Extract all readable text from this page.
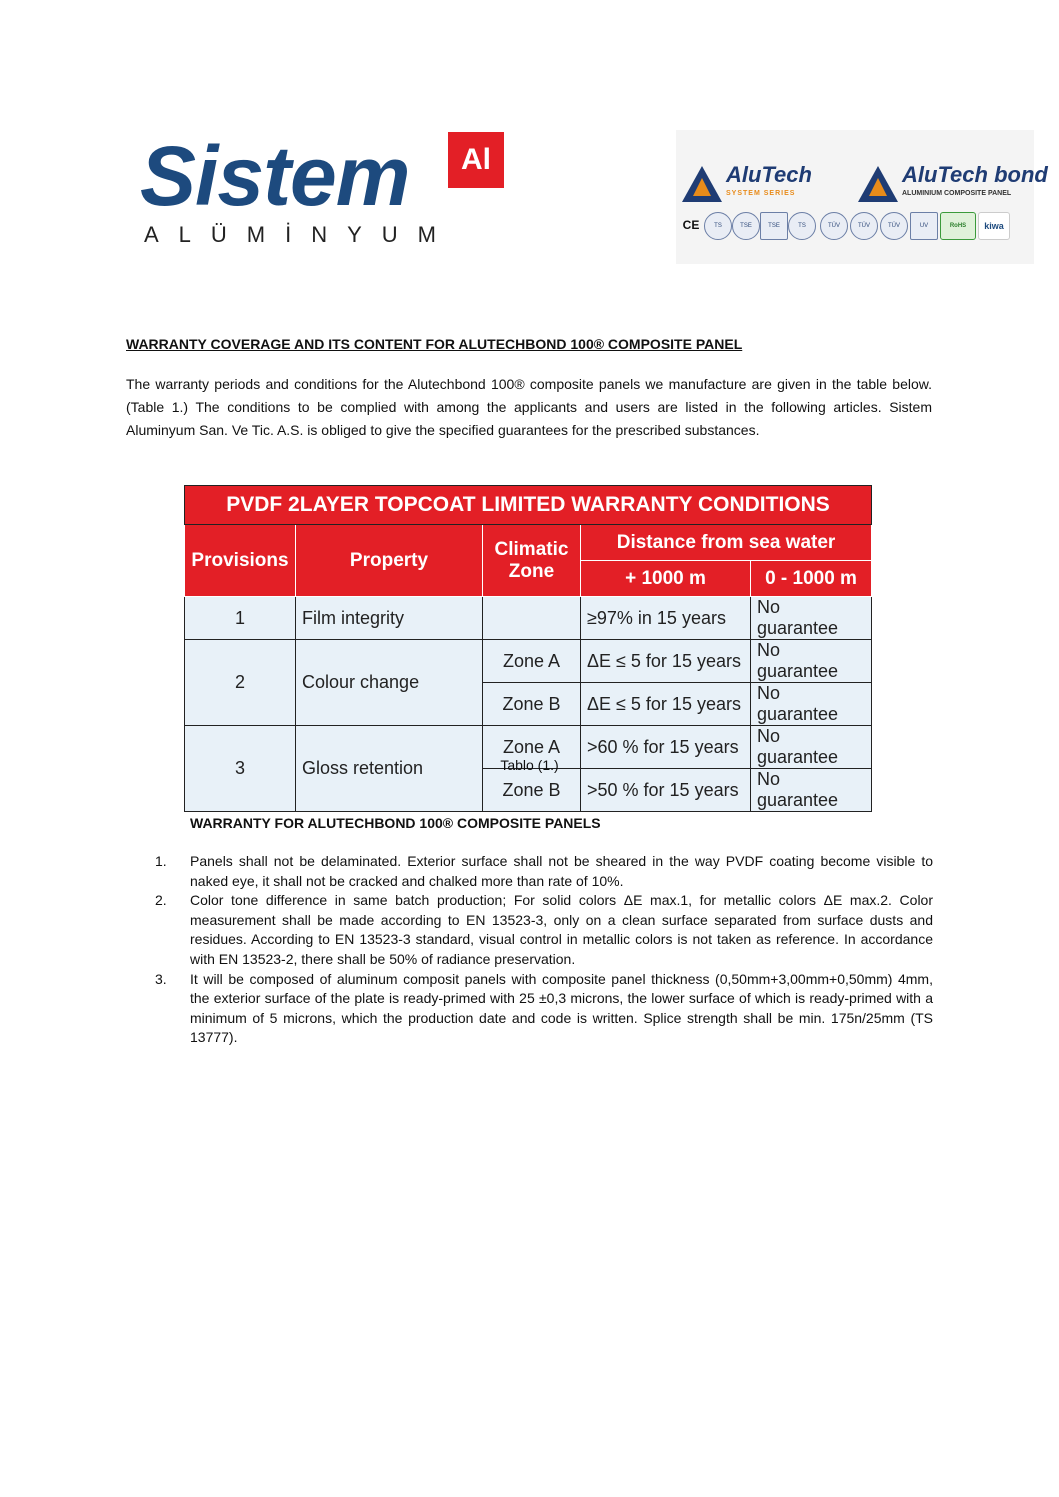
Sistem	Al
ALÜMİNYUM
AluTech
SYSTEM SERIES
AluTech bond
ALUMINIUM COMPOSITE PANEL
CE	TS	TSE	TSE	TS	TÜV	TÜV	TÜV	UV	RoHS	kiwa

WARRANTY COVERAGE AND ITS CONTENT FOR ALUTECHBOND 100® COMPOSITE PANEL

The warranty periods and conditions for the Alutechbond 100® composite panels we manufacture are given in the table below. (Table 1.) The conditions to be complied with among the applicants and users are listed in the following articles. Sistem Aluminyum San. Ve Tic. A.S. is obliged to give the specified guarantees for the prescribed substances.

PVDF 2LAYER TOPCOAT LIMITED WARRANTY CONDITIONS				
Provisions	Property	Climatic Zone	Distance from sea water	
			+ 1000 m	0 - 1000 m
1	Film integrity		≥97% in 15 years	No guarantee
2	Colour change	Zone A	ΔE ≤ 5 for 15 years	No guarantee
		Zone B	ΔE ≤ 5 for 15 years	No guarantee
3	Gloss retention	Zone A	>60 % for 15 years	No guarantee
		Zone B	>50 % for 15 years	No guarantee

Tablo (1.)

WARRANTY FOR ALUTECHBOND 100® COMPOSITE PANELS

1.	Panels shall not be delaminated. Exterior surface shall not be sheared in the way PVDF coating become visible to naked eye, it shall not be cracked and chalked more than rate of 10%.
2.	Color tone difference in same batch production; For solid colors ΔE max.1, for metallic colors ΔE max.2. Color measurement shall be made according to EN 13523-3, only on a clean surface separated from surface dusts and residues. According to EN 13523-3 standard, visual control in metallic colors is not taken as reference. In accordance with EN 13523-2, there shall be 50% of radiance preservation.
3.	It will be composed of aluminum composit panels with composite panel thickness (0,50mm+3,00mm+0,50mm) 4mm, the exterior surface of the plate is ready-primed with 25 ±0,3 microns, the lower surface of which is ready-primed with a minimum of 5 microns, which the production date and code is written. Splice strength shall be min. 175n/25mm (TS 13777).
